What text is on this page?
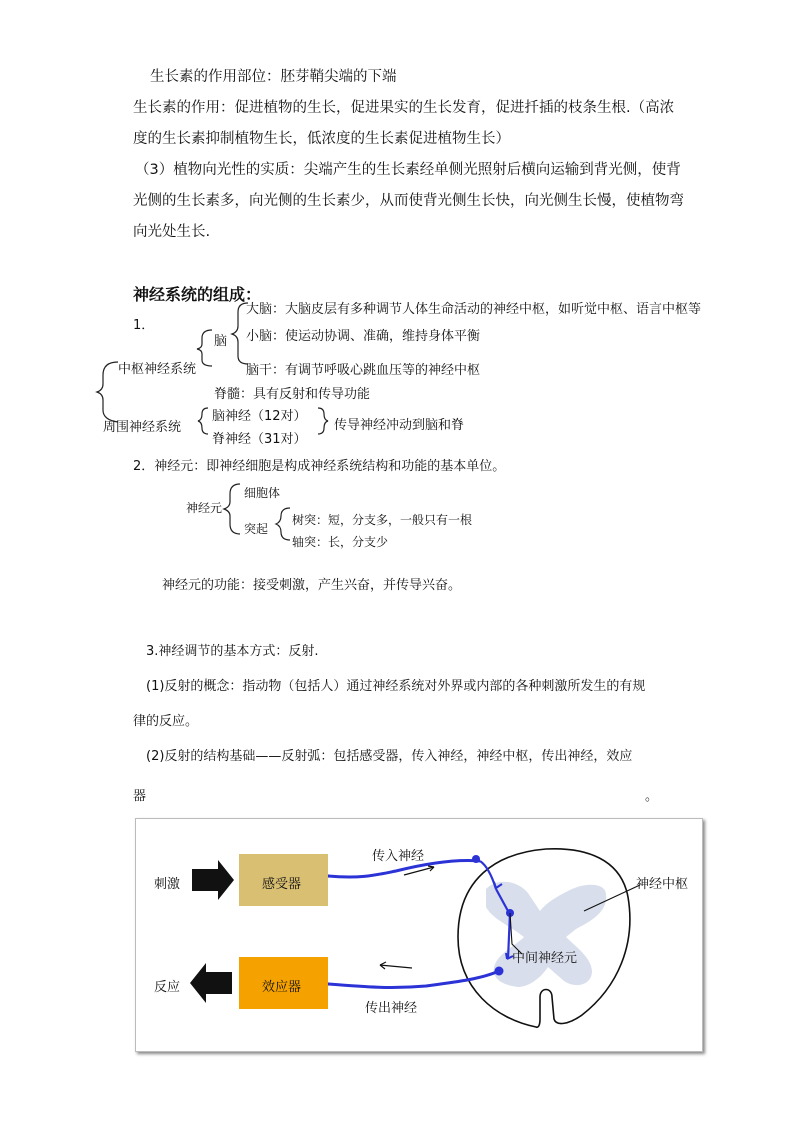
生长素的作用部位：胚芽鞘尖端的下端
生长素的作用：促进植物的生长，促进果实的生长发育，促进扦插的枝条生根.（高浓
度的生长素抑制植物生长，低浓度的生长素促进植物生长）
（3）植物向光性的实质：尖端产生的生长素经单侧光照射后横向运输到背光侧，使背
光侧的生长素多，向光侧的生长素少，从而使背光侧生长快，向光侧生长慢，使植物弯
向光处生长.
神经系统的组成：
1．
大脑：大脑皮层有多种调节人体生命活动的神经中枢，如听觉中枢、语言中枢等
脑	小脑：使运动协调、准确，维持身体平衡
脑干：有调节呼吸心跳血压等的神经中枢
中枢神经系统
脊髓：具有反射和传导功能
周围神经系统
脑神经（12对）
脊神经（31对）
传导神经冲动到脑和脊
2．神经元：即神经细胞是构成神经系统结构和功能的基本单位。
神经元
细胞体
突起
树突：短，分支多，一般只有一根
轴突：长，分支少
神经元的功能：接受刺激，产生兴奋，并传导兴奋。
3.神经调节的基本方式：反射.
(1)反射的概念：指动物（包括人）通过神经系统对外界或内部的各种刺激所发生的有规
律的反应。
(2)反射的结构基础——反射弧：包括感受器，传入神经，神经中枢，传出神经，效应
器	。
刺激	感受器
传入神经
神经中枢
中间神经元
反应	效应器
传出神经
